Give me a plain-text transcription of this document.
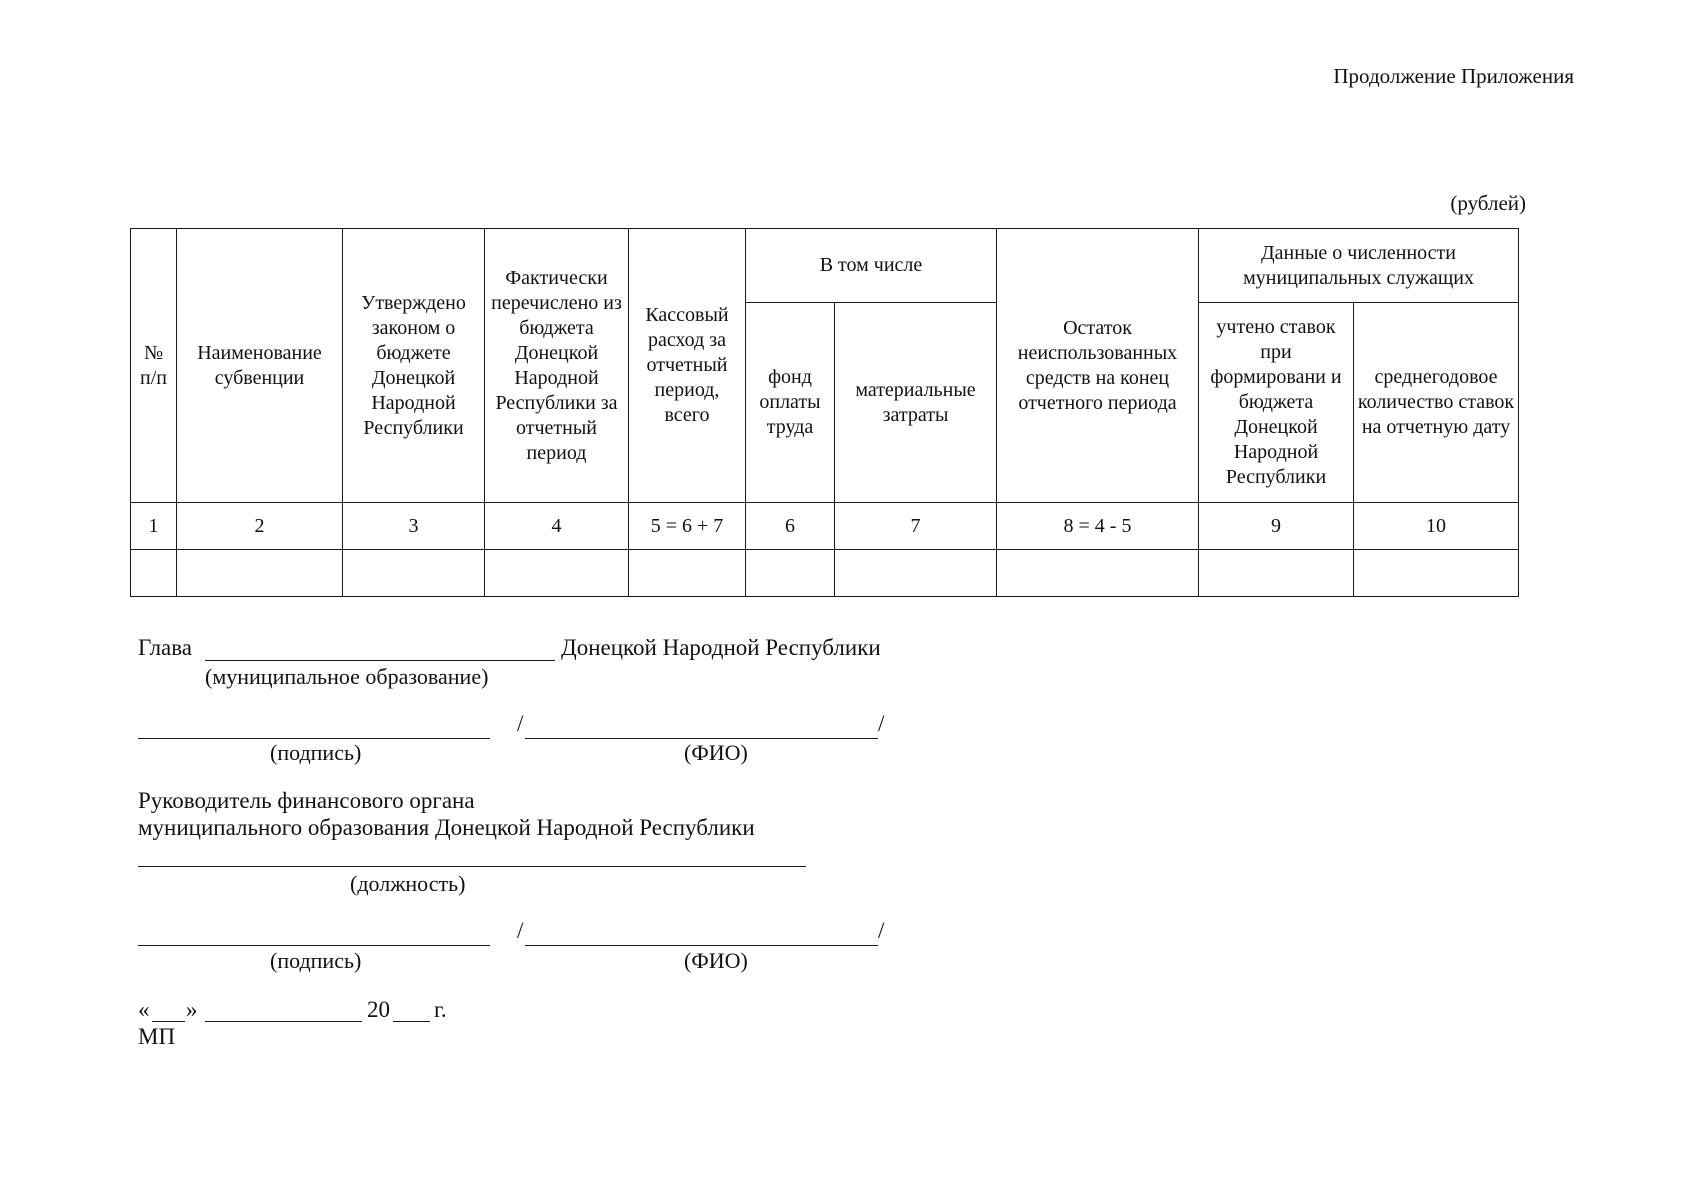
Продолжение Приложения
(рублей)
№ п/п	Наименование субвенции	Утверждено законом о бюджете Донецкой Народной Республики	Фактически перечислено из бюджета Донецкой Народной Республики за отчетный период	Кассовый расход за отчетный период, всего	В том числе		Остаток неиспользованных средств на конец отчетного периода	Данные о численности муниципальных служащих	
					фонд оплаты труда	материальные затраты		учтено ставок при формировани и бюджета Донецкой Народной Республики	среднегодовое количество ставок на отчетную дату
1	2	3	4	5 = 6 + 7	6	7	8 = 4 - 5	9	10

Глава	Донецкой Народной Республики
(муниципальное образование)
/	/
(подпись)	(ФИО)
Руководитель финансового органа
муниципального образования Донецкой Народной Республики
(должность)
/	/
(подпись)	(ФИО)
« »	20 г.
МП
